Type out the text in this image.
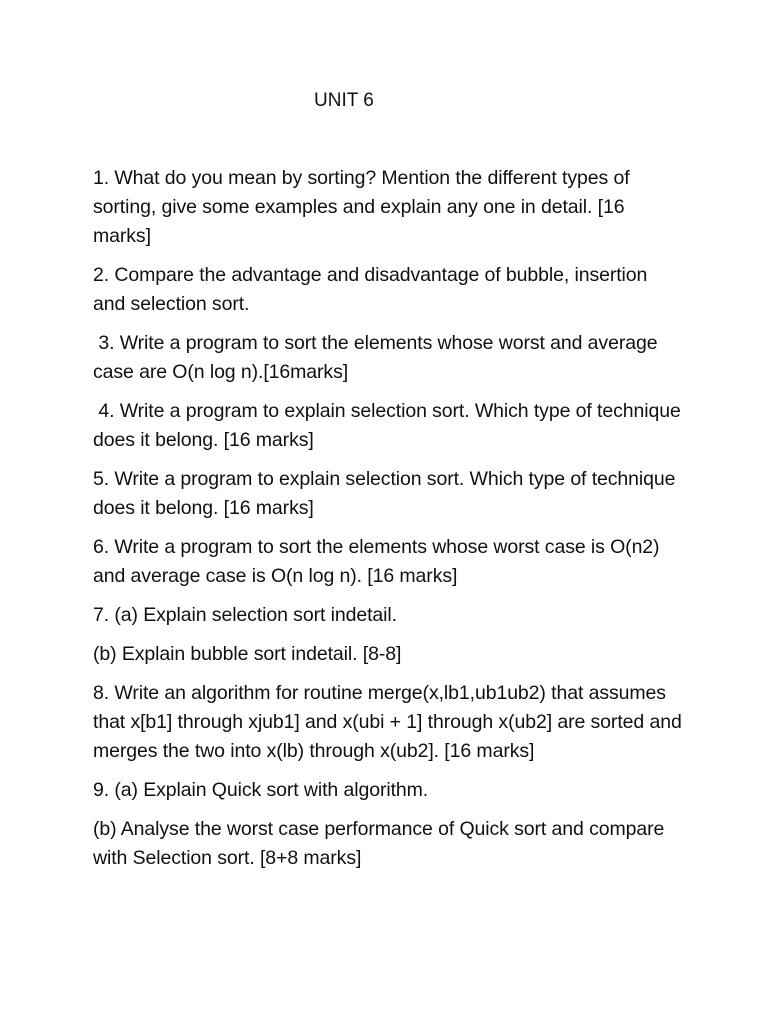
UNIT 6

1. What do you mean by sorting? Mention the different types of sorting, give some examples and explain any one in detail. [16 marks]

2. Compare the advantage and disadvantage of bubble, insertion and selection sort.

3. Write a program to sort the elements whose worst and average case are O(n log n).[16marks]

4. Write a program to explain selection sort. Which type of technique does it belong. [16 marks]

5. Write a program to explain selection sort. Which type of technique does it belong. [16 marks]

6. Write a program to sort the elements whose worst case is O(n2) and average case is O(n log n). [16 marks]

7. (a) Explain selection sort indetail.

(b) Explain bubble sort indetail. [8-8]

8. Write an algorithm for routine merge(x,lb1,ub1ub2) that assumes that x[b1] through xjub1] and x(ubi + 1] through x(ub2] are sorted and merges the two into x(lb) through x(ub2]. [16 marks]

9. (a) Explain Quick sort with algorithm.

(b) Analyse the worst case performance of Quick sort and compare with Selection sort. [8+8 marks]
